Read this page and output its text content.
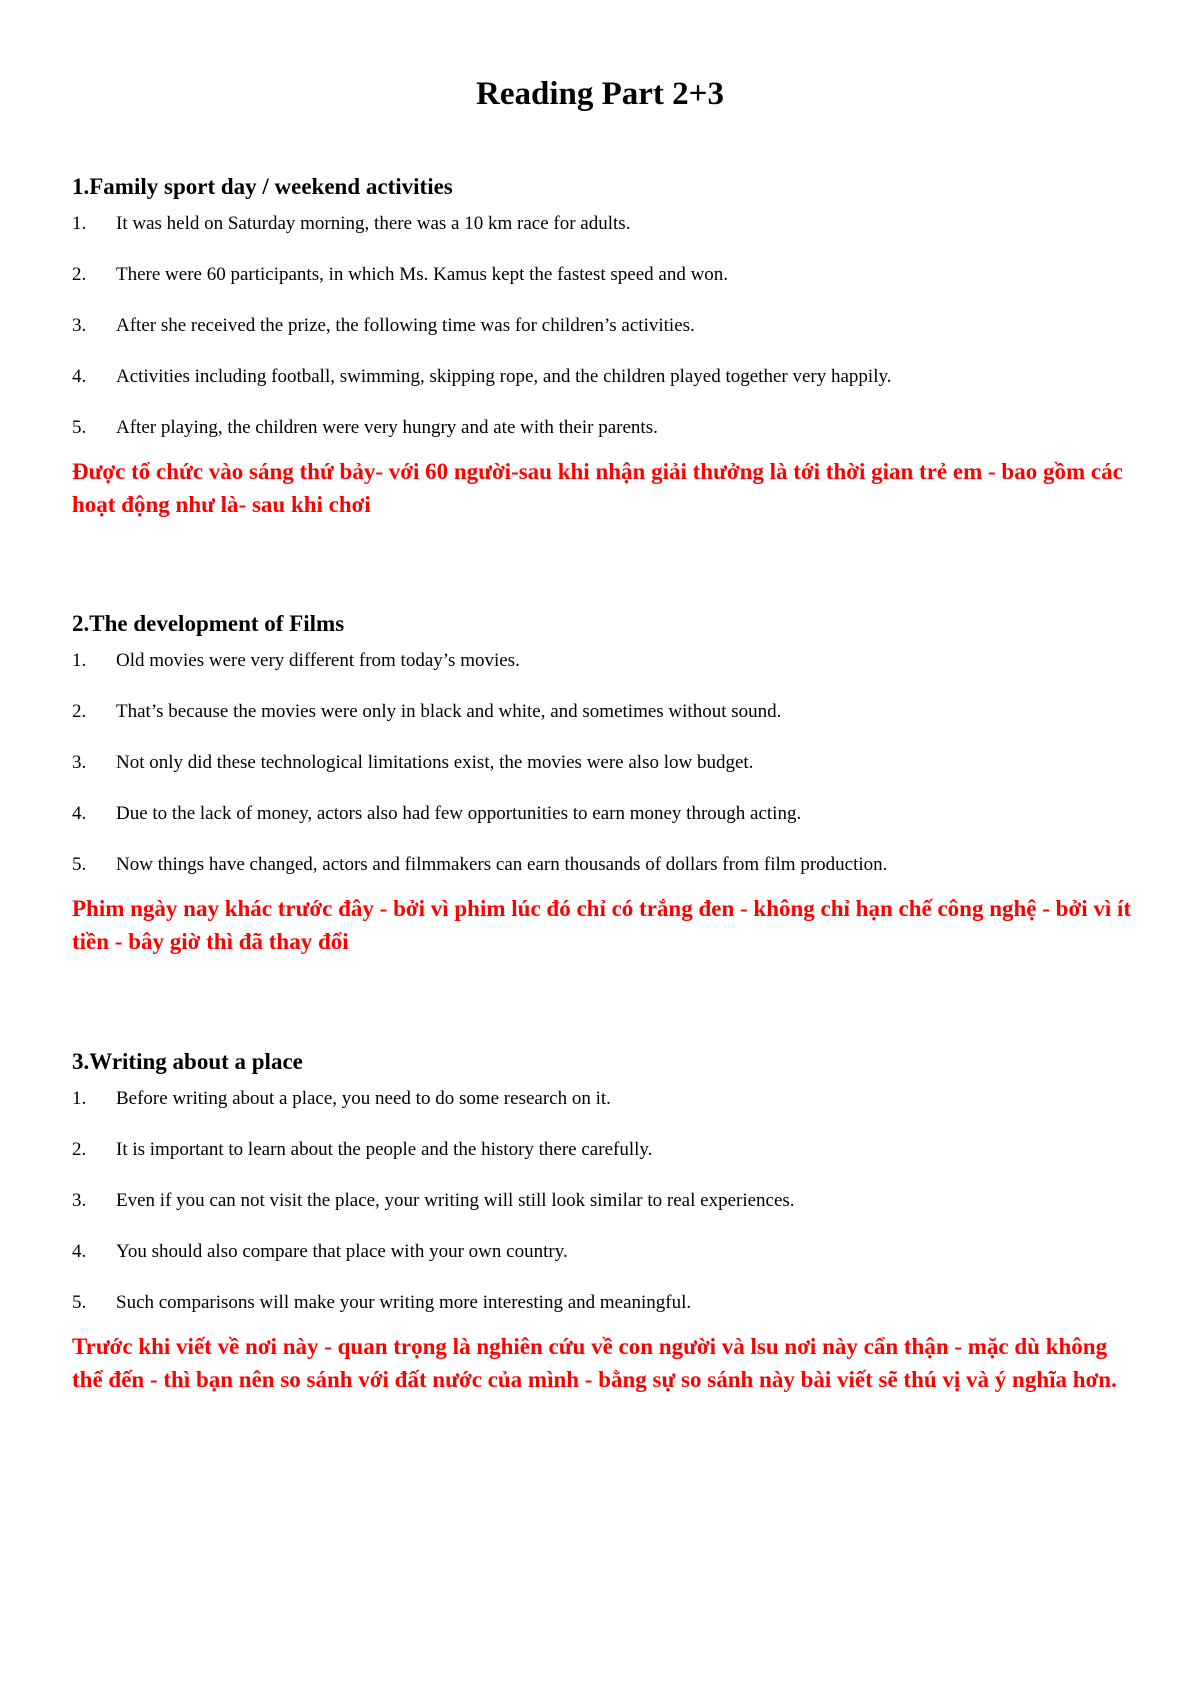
Reading Part 2+3
1.Family sport day / weekend activities
1.	It was held on Saturday morning, there was a 10 km race for adults.
2.	There were 60 participants, in which Ms. Kamus kept the fastest speed and won.
3.	After she received the prize, the following time was for children’s activities.
4.	Activities including football, swimming, skipping rope, and the children played together very happily.
5.	After playing, the children were very hungry and ate with their parents.

Được tổ chức vào sáng thứ bảy- với 60 người-sau khi nhận giải thưởng là tới thời gian trẻ em - bao gồm các hoạt động như là- sau khi chơi

2.The development of Films
1.	Old movies were very different from today’s movies.
2.	That’s because the movies were only in black and white, and sometimes without sound.
3.	Not only did these technological limitations exist, the movies were also low budget.
4.	Due to the lack of money, actors also had few opportunities to earn money through acting.
5.	Now things have changed, actors and filmmakers can earn thousands of dollars from film production.

Phim ngày nay khác trước đây - bởi vì phim lúc đó chỉ có trắng đen - không chỉ hạn chế công nghệ - bởi vì ít tiền - bây giờ thì đã thay đổi

3.Writing about a place
1.	Before writing about a place, you need to do some research on it.
2.	It is important to learn about the people and the history there carefully.
3.	Even if you can not visit the place, your writing will still look similar to real experiences.
4.	You should also compare that place with your own country.
5.	Such comparisons will make your writing more interesting and meaningful.

Trước khi viết về nơi này - quan trọng là nghiên cứu về con người và lsu nơi này cẩn thận - mặc dù không thể đến - thì bạn nên so sánh với đất nước của mình - bằng sự so sánh này bài viết sẽ thú vị và ý nghĩa hơn.
